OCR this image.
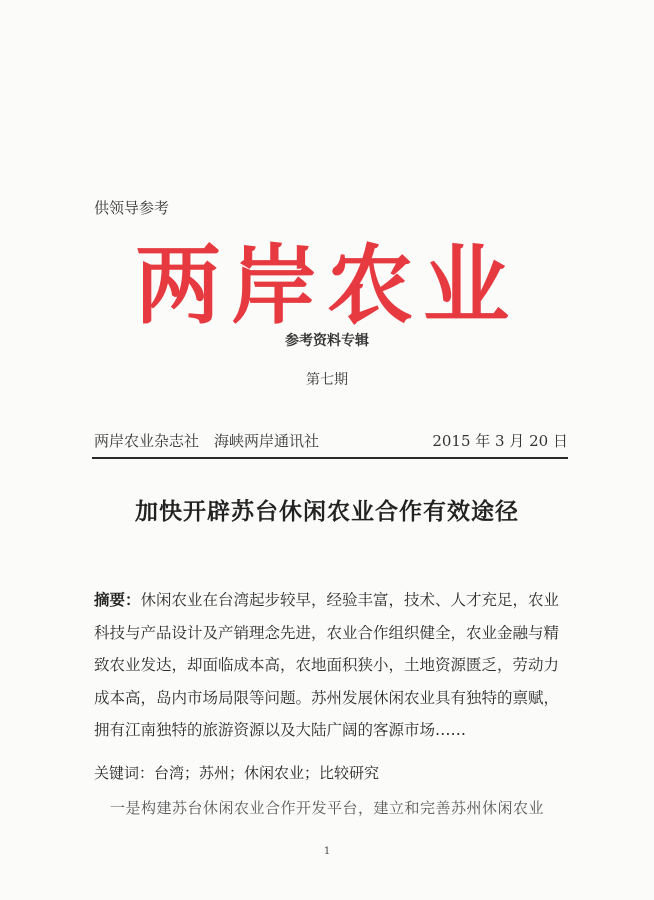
供领导参考
两岸农业
参考资料专辑
第七期
两岸农业杂志社　海峡两岸通讯社	2015 年 3 月 20 日
加快开辟苏台休闲农业合作有效途径
摘要：休闲农业在台湾起步较早，经验丰富，技术、人才充足，农业科技与产品设计及产销理念先进，农业合作组织健全，农业金融与精致农业发达，却面临成本高，农地面积狭小，土地资源匮乏，劳动力成本高，岛内市场局限等问题。苏州发展休闲农业具有独特的禀赋，拥有江南独特的旅游资源以及大陆广阔的客源市场……
关键词：台湾；苏州；休闲农业；比较研究
一是构建苏台休闲农业合作开发平台，建立和完善苏州休闲农业
1
